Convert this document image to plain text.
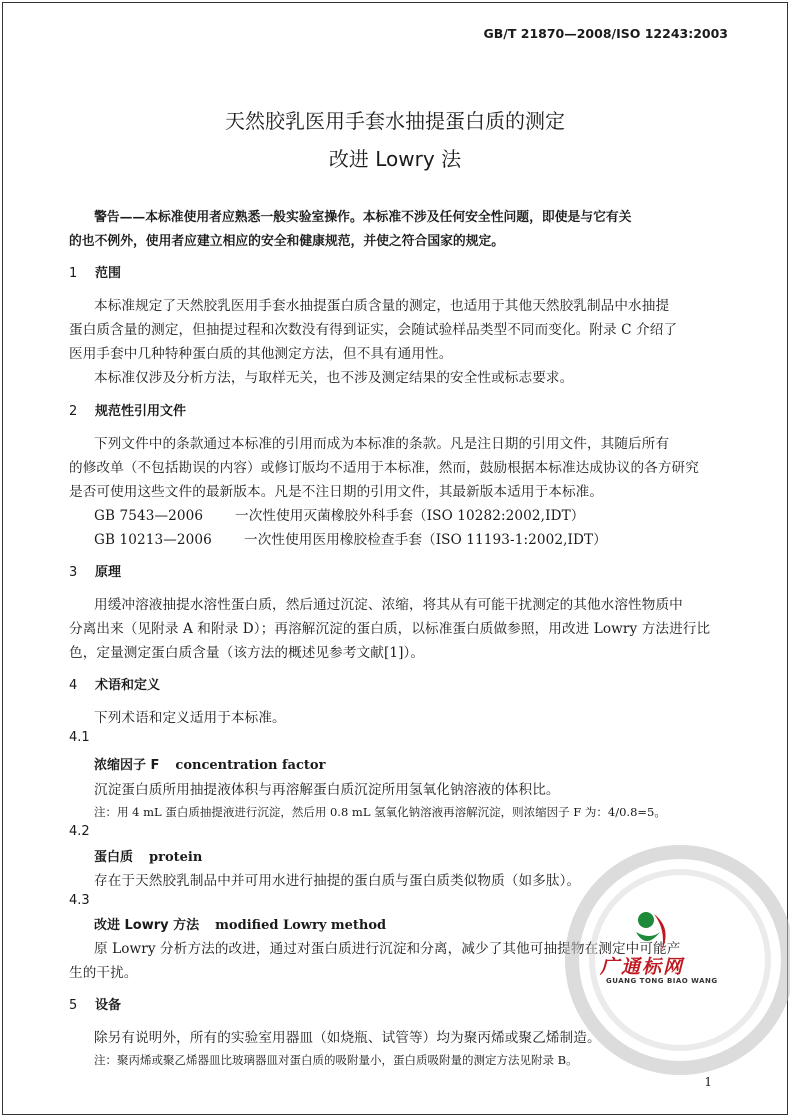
GB/T 21870—2008/ISO 12243:2003
天然胶乳医用手套水抽提蛋白质的测定
改进 Lowry 法
警告——本标准使用者应熟悉一般实验室操作。本标准不涉及任何安全性问题，即使是与它有关
的也不例外，使用者应建立相应的安全和健康规范，并使之符合国家的规定。
1 范围
本标准规定了天然胶乳医用手套水抽提蛋白质含量的测定，也适用于其他天然胶乳制品中水抽提
蛋白质含量的测定，但抽提过程和次数没有得到证实，会随试验样品类型不同而变化。附录 C 介绍了
医用手套中几种特种蛋白质的其他测定方法，但不具有通用性。
本标准仅涉及分析方法，与取样无关，也不涉及测定结果的安全性或标志要求。
2 规范性引用文件
下列文件中的条款通过本标准的引用而成为本标准的条款。凡是注日期的引用文件，其随后所有
的修改单（不包括勘误的内容）或修订版均不适用于本标准，然而，鼓励根据本标准达成协议的各方研究
是否可使用这些文件的最新版本。凡是不注日期的引用文件，其最新版本适用于本标准。
GB 7543—2006 一次性使用灭菌橡胶外科手套（ISO 10282:2002,IDT）
GB 10213—2006 一次性使用医用橡胶检查手套（ISO 11193-1:2002,IDT）
3 原理
用缓冲溶液抽提水溶性蛋白质，然后通过沉淀、浓缩，将其从有可能干扰测定的其他水溶性物质中
分离出来（见附录 A 和附录 D）；再溶解沉淀的蛋白质，以标准蛋白质做参照，用改进 Lowry 方法进行比
色，定量测定蛋白质含量（该方法的概述见参考文献[1]）。
4 术语和定义
下列术语和定义适用于本标准。
4.1
浓缩因子 F concentration factor
沉淀蛋白质所用抽提液体积与再溶解蛋白质沉淀所用氢氧化钠溶液的体积比。
注：用 4 mL 蛋白质抽提液进行沉淀，然后用 0.8 mL 氢氧化钠溶液再溶解沉淀，则浓缩因子 F 为：4/0.8=5。
4.2
蛋白质 protein
存在于天然胶乳制品中并可用水进行抽提的蛋白质与蛋白质类似物质（如多肽）。
4.3
改进 Lowry 方法 modified Lowry method
原 Lowry 分析方法的改进，通过对蛋白质进行沉淀和分离，减少了其他可抽提物在测定中可能产
生的干扰。
5 设备
除另有说明外，所有的实验室用器皿（如烧瓶、试管等）均为聚丙烯或聚乙烯制造。
注：聚丙烯或聚乙烯器皿比玻璃器皿对蛋白质的吸附量小，蛋白质吸附量的测定方法见附录 B。
广通标网
GUANG TONG BIAO WANG
1
